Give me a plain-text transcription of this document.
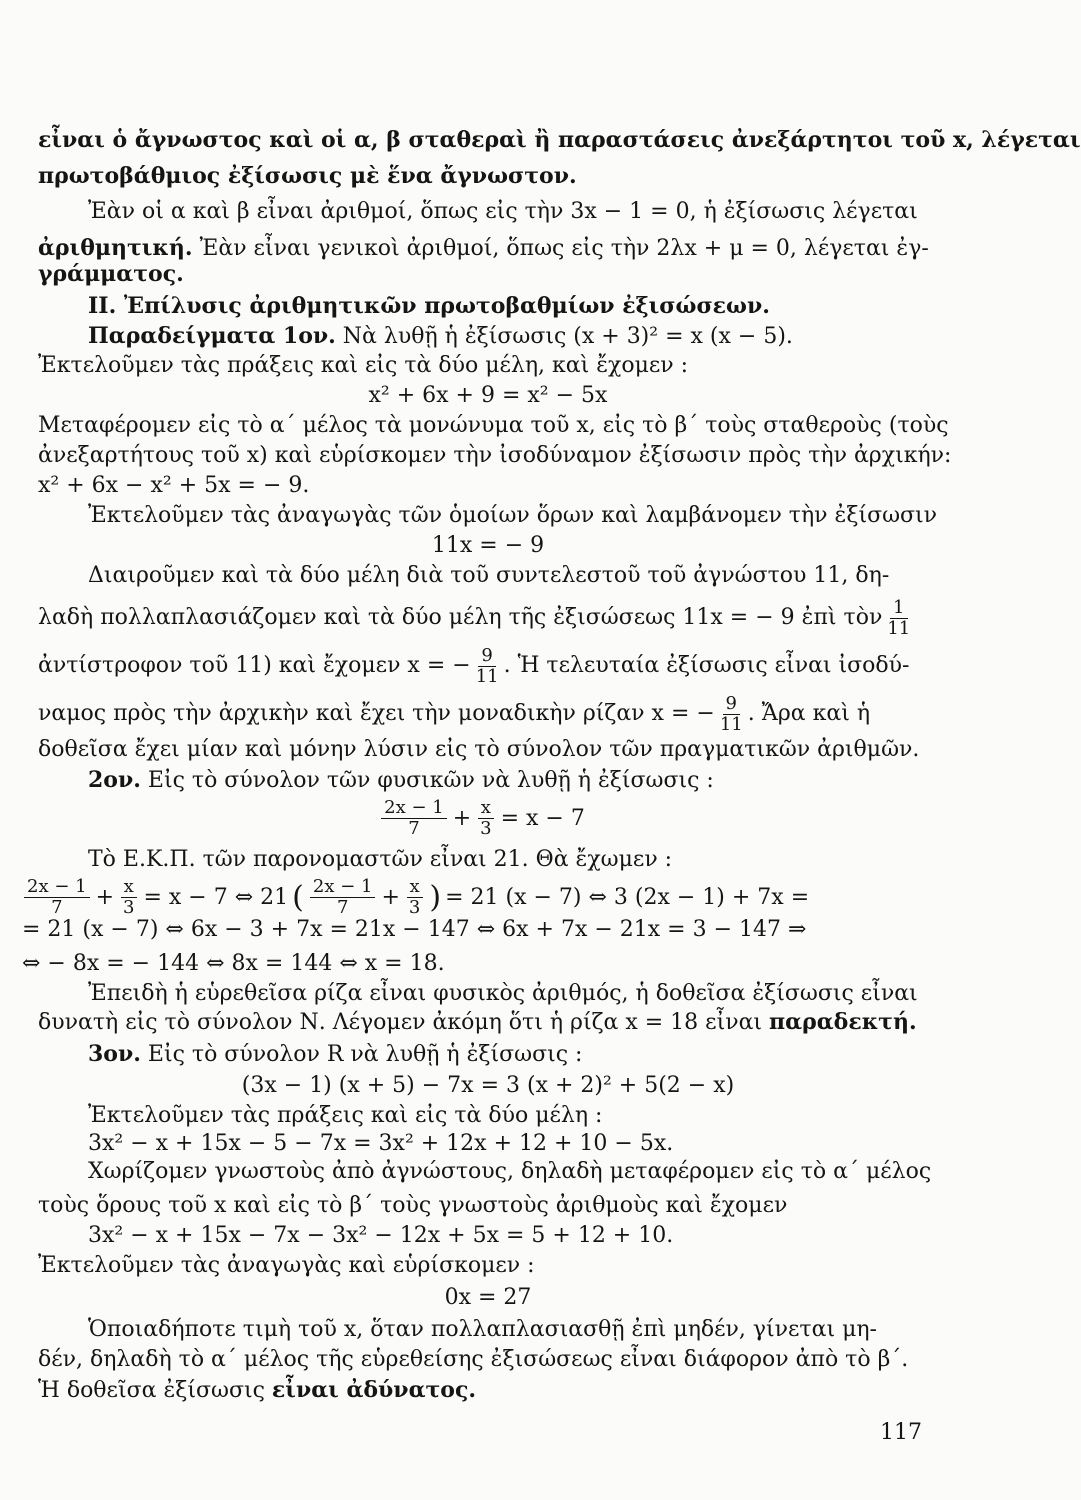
εἶναι ὁ ἄγνωστος καὶ οἱ α, β σταθεραὶ ἢ παραστάσεις ἀνεξάρτητοι τοῦ x, λέγεται
πρωτοβάθμιος ἐξίσωσις μὲ ἕνα ἄγνωστον.
Ἐὰν οἱ α καὶ β εἶναι ἀριθμοί, ὅπως εἰς τὴν 3x − 1 = 0, ἡ ἐξίσωσις λέγεται
ἀριθμητική. Ἐὰν εἶναι γενικοὶ ἀριθμοί, ὅπως εἰς τὴν 2λx + μ = 0, λέγεται ἐγ-
γράμματος.
ΙΙ. Ἐπίλυσις ἀριθμητικῶν πρωτοβαθμίων ἐξισώσεων.
Παραδείγματα 1ον. Νὰ λυθῇ ἡ ἐξίσωσις (x + 3)² = x (x − 5).
Ἐκτελοῦμεν τὰς πράξεις καὶ εἰς τὰ δύο μέλη, καὶ ἔχομεν :
x² + 6x + 9 = x² − 5x
Μεταφέρομεν εἰς τὸ α΄ μέλος τὰ μονώνυμα τοῦ x, εἰς τὸ β΄ τοὺς σταθεροὺς (τοὺς
ἀνεξαρτήτους τοῦ x) καὶ εὑρίσκομεν τὴν ἰσοδύναμον ἐξίσωσιν πρὸς τὴν ἀρχικήν:
x² + 6x − x² + 5x = − 9.
Ἐκτελοῦμεν τὰς ἀναγωγὰς τῶν ὁμοίων ὅρων καὶ λαμβάνομεν τὴν ἐξίσωσιν
11x = − 9
Διαιροῦμεν καὶ τὰ δύο μέλη διὰ τοῦ συντελεστοῦ τοῦ ἀγνώστου 11, δη-
λαδὴ πολλαπλασιάζομεν καὶ τὰ δύο μέλη τῆς ἐξισώσεως 11x = − 9 ἐπὶ τὸν $\frac{1}{11}$
ἀντίστροφον τοῦ 11) καὶ ἔχομεν x = − $\frac{9}{11}$ . Ἡ τελευταία ἐξίσωσις εἶναι ἰσοδύ-
ναμος πρὸς τὴν ἀρχικὴν καὶ ἔχει τὴν μοναδικὴν ρίζαν x = − $\frac{9}{11}$ . Ἄρα καὶ ἡ
δοθεῖσα ἔχει μίαν καὶ μόνην λύσιν εἰς τὸ σύνολον τῶν πραγματικῶν ἀριθμῶν.
2ον. Εἰς τὸ σύνολον τῶν φυσικῶν νὰ λυθῇ ἡ ἐξίσωσις :
$\frac{2x - 1}{7} + \frac{x}{3} = x - 7$
Τὸ Ε.Κ.Π. τῶν παρονομαστῶν εἶναι 21. Θὰ ἔχωμεν :
$\frac{2x - 1}{7} + \frac{x}{3} = x - 7$ ⇔ 21 ( $\frac{2x - 1}{7} + \frac{x}{3}$ ) = 21 (x − 7) ⇔ 3 (2x − 1) + 7x =
= 21 (x − 7) ⇔ 6x − 3 + 7x = 21x − 147 ⇔ 6x + 7x − 21x = 3 − 147 ⇒
⇔ − 8x = − 144 ⇔ 8x = 144 ⇔ x = 18.
Ἐπειδὴ ἡ εὑρεθεῖσα ρίζα εἶναι φυσικὸς ἀριθμός, ἡ δοθεῖσα ἐξίσωσις εἶναι
δυνατὴ εἰς τὸ σύνολον Ν. Λέγομεν ἀκόμη ὅτι ἡ ρίζα x = 18 εἶναι παραδεκτή.
3ον. Εἰς τὸ σύνολον R νὰ λυθῇ ἡ ἐξίσωσις :
(3x − 1) (x + 5) − 7x = 3 (x + 2)² + 5(2 − x)
Ἐκτελοῦμεν τὰς πράξεις καὶ εἰς τὰ δύο μέλη :
3x² − x + 15x − 5 − 7x = 3x² + 12x + 12 + 10 − 5x.
Χωρίζομεν γνωστοὺς ἀπὸ ἀγνώστους, δηλαδὴ μεταφέρομεν εἰς τὸ α΄ μέλος
τοὺς ὅρους τοῦ x καὶ εἰς τὸ β΄ τοὺς γνωστοὺς ἀριθμοὺς καὶ ἔχομεν
3x² − x + 15x − 7x − 3x² − 12x + 5x = 5 + 12 + 10.
Ἐκτελοῦμεν τὰς ἀναγωγὰς καὶ εὑρίσκομεν :
0x = 27
Ὁποιαδήποτε τιμὴ τοῦ x, ὅταν πολλαπλασιασθῇ ἐπὶ μηδέν, γίνεται μη-
δέν, δηλαδὴ τὸ α΄ μέλος τῆς εὑρεθείσης ἐξισώσεως εἶναι διάφορον ἀπὸ τὸ β΄.
Ἡ δοθεῖσα ἐξίσωσις εἶναι ἀδύνατος.
117
